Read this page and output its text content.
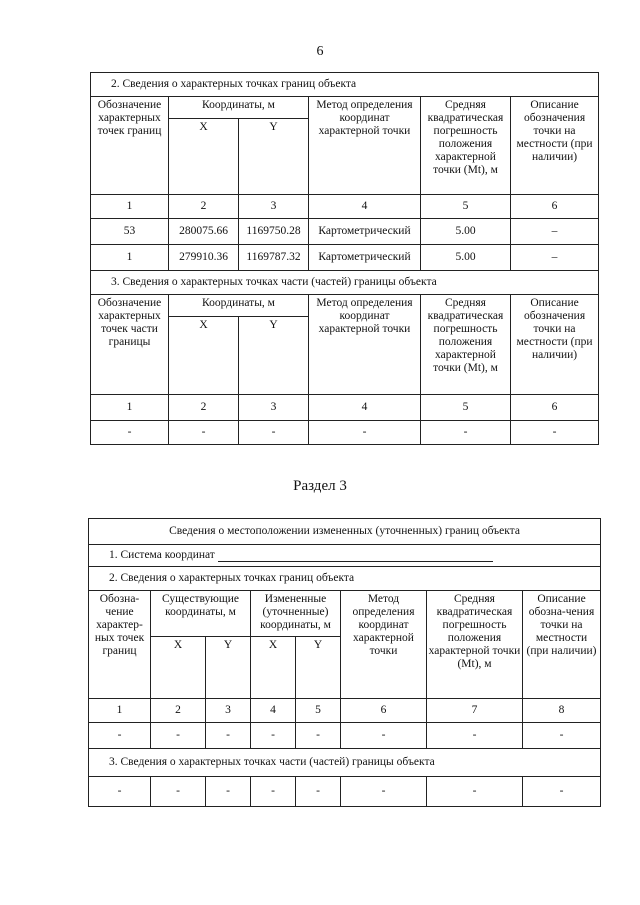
6
2. Сведения о характерных точках границ объекта					
Обозначение характерных точек границ	Координаты, м		Метод определения координат характерной точки	Средняя квадратическая погрешность положения характерной точки (Mt), м	Описание обозначения точки на местности (при наличии)
	X	Y			
1	2	3	4	5	6
53	280075.66	1169750.28	Картометрический	5.00	–
1	279910.36	1169787.32	Картометрический	5.00	–
3. Сведения о характерных точках части (частей) границы объекта					
Обозначение характерных точек части границы	Координаты, м		Метод определения координат характерной точки	Средняя квадратическая погрешность положения характерной точки (Mt), м	Описание обозначения точки на местности (при наличии)
	X	Y			
1	2	3	4	5	6
-	-	-	-	-	-
Раздел 3
Сведения о местоположении измененных (уточненных) границ объекта							
1. Система координат							
2. Сведения о характерных точках границ объекта							
Обозна-чение характер-ных точек границ	Существующие координаты, м		Измененные (уточненные) координаты, м		Метод определения координат характерной точки	Средняя квадратическая погрешность положения характерной точки (Mt), м	Описание обозна-чения точки на местности (при наличии)
	X	Y	X	Y			
1	2	3	4	5	6	7	8
-	-	-	-	-	-	-	-
3. Сведения о характерных точках части (частей) границы объекта							
-	-	-	-	-	-	-	-
